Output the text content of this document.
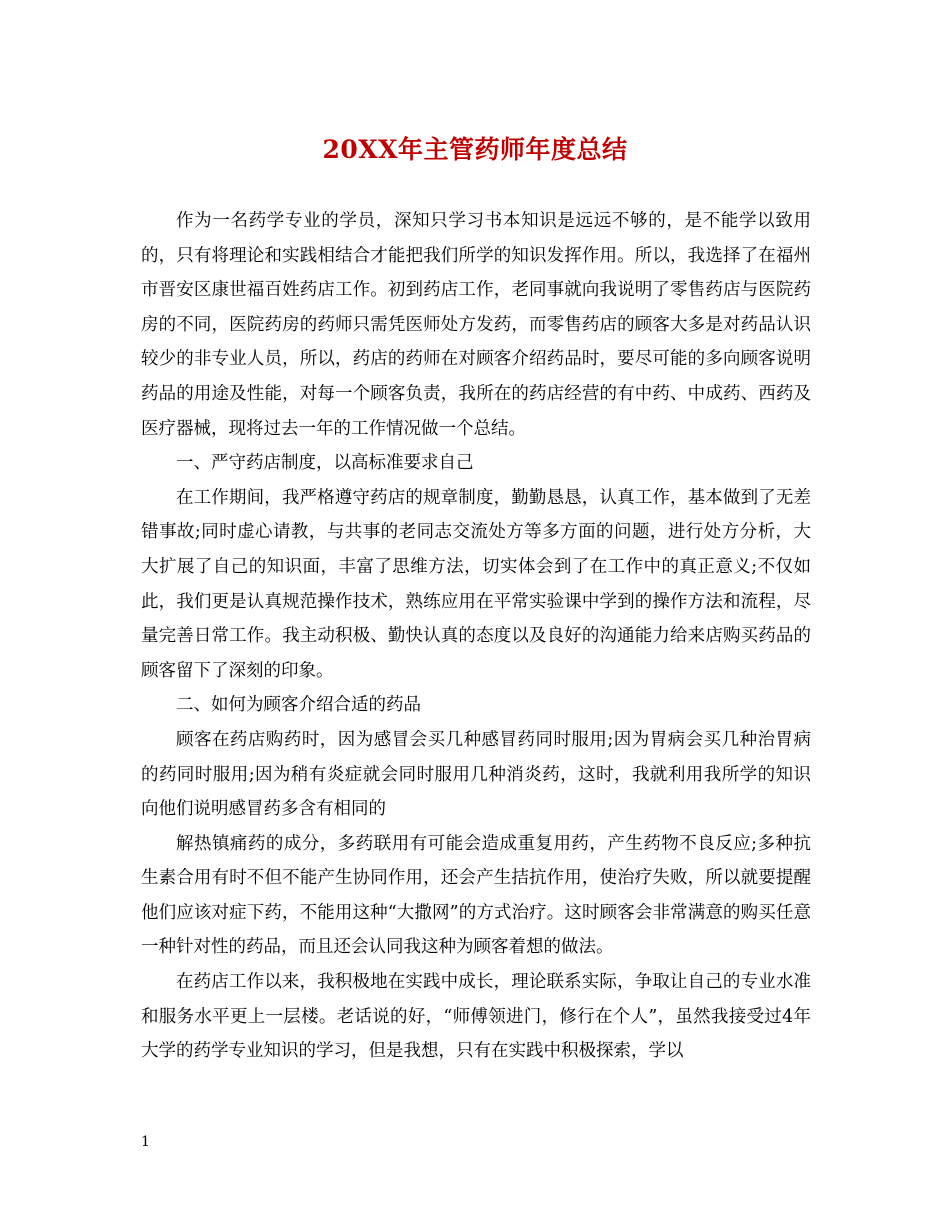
20XX年主管药师年度总结

作为一名药学专业的学员，深知只学习书本知识是远远不够的，是不能学以致用的，只有将理论和实践相结合才能把我们所学的知识发挥作用。所以，我选择了在福州市晋安区康世福百姓药店工作。初到药店工作，老同事就向我说明了零售药店与医院药房的不同，医院药房的药师只需凭医师处方发药，而零售药店的顾客大多是对药品认识较少的非专业人员，所以，药店的药师在对顾客介绍药品时，要尽可能的多向顾客说明药品的用途及性能，对每一个顾客负责，我所在的药店经营的有中药、中成药、西药及医疗器械，现将过去一年的工作情况做一个总结。

一、严守药店制度，以高标准要求自己

在工作期间，我严格遵守药店的规章制度，勤勤恳恳，认真工作，基本做到了无差错事故;同时虚心请教，与共事的老同志交流处方等多方面的问题，进行处方分析，大大扩展了自己的知识面，丰富了思维方法，切实体会到了在工作中的真正意义;不仅如此，我们更是认真规范操作技术，熟练应用在平常实验课中学到的操作方法和流程，尽量完善日常工作。我主动积极、勤快认真的态度以及良好的沟通能力给来店购买药品的顾客留下了深刻的印象。

二、如何为顾客介绍合适的药品

顾客在药店购药时，因为感冒会买几种感冒药同时服用;因为胃病会买几种治胃病的药同时服用;因为稍有炎症就会同时服用几种消炎药，这时，我就利用我所学的知识向他们说明感冒药多含有相同的

解热镇痛药的成分，多药联用有可能会造成重复用药，产生药物不良反应;多种抗生素合用有时不但不能产生协同作用，还会产生拮抗作用，使治疗失败，所以就要提醒他们应该对症下药，不能用这种“大撒网”的方式治疗。这时顾客会非常满意的购买任意一种针对性的药品，而且还会认同我这种为顾客着想的做法。

在药店工作以来，我积极地在实践中成长，理论联系实际，争取让自己的专业水准和服务水平更上一层楼。老话说的好，“师傅领进门，修行在个人”，虽然我接受过4年大学的药学专业知识的学习，但是我想，只有在实践中积极探索，学以

1
